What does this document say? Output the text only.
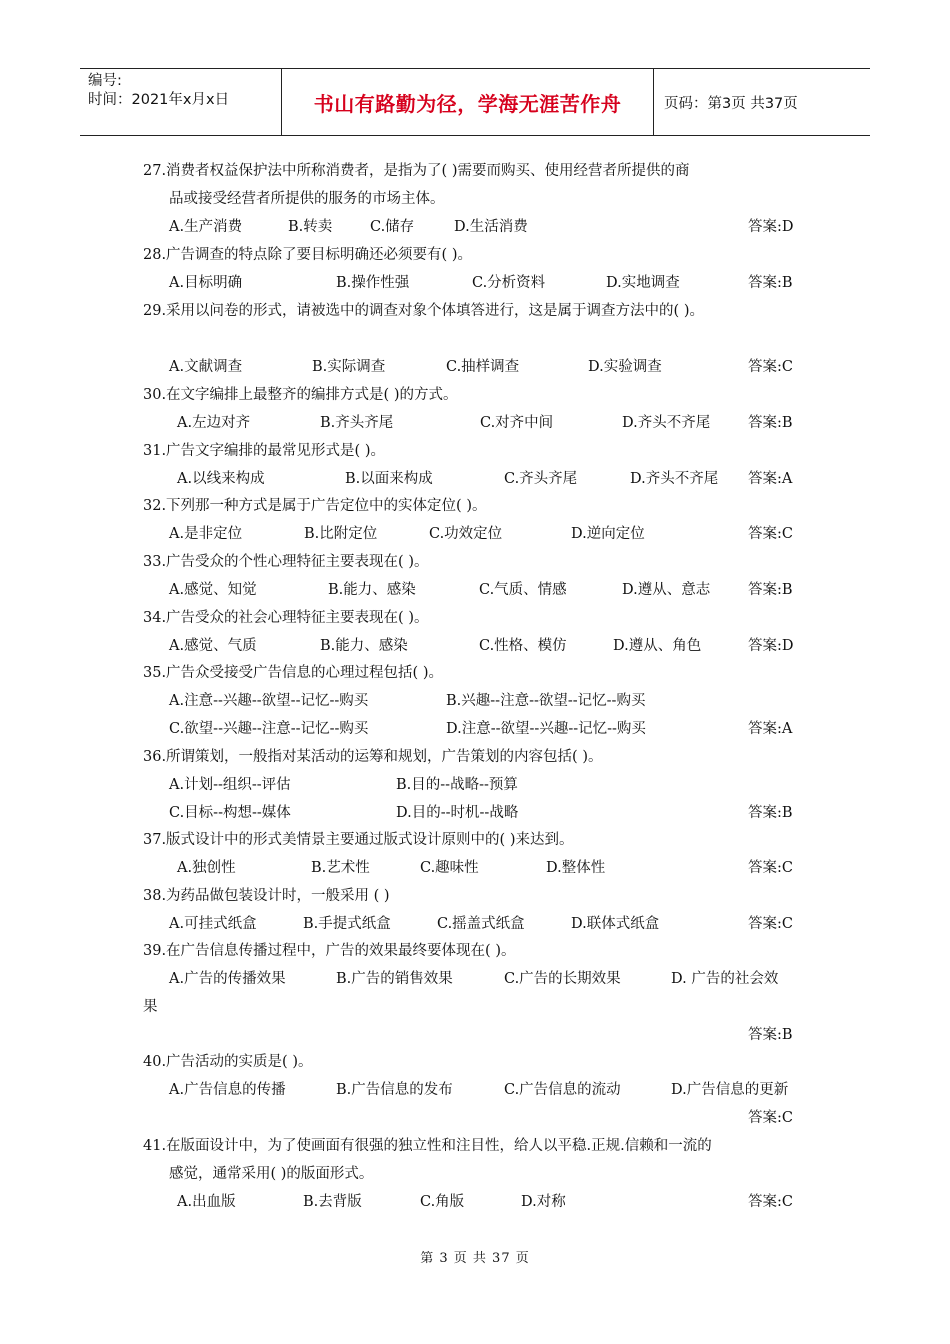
编号:
时间：2021年x月x日	书山有路勤为径，学海无涯苦作舟	页码：第3页 共37页
27.消费者权益保护法中所称消费者，是指为了( )需要而购买、使用经营者所提供的商
品或接受经营者所提供的服务的市场主体。
A.生产消费	B.转卖	C.储存	D.生活消费	答案:D
28.广告调查的特点除了要目标明确还必须要有( )。
A.目标明确	B.操作性强	C.分析资料	D.实地调查	答案:B
29.采用以问卷的形式，请被选中的调查对象个体填答进行，这是属于调查方法中的( )。
A.文献调查	B.实际调查	C.抽样调查	D.实验调查	答案:C
30.在文字编排上最整齐的编排方式是( )的方式。
A.左边对齐	B.齐头齐尾	C.对齐中间	D.齐头不齐尾	答案:B
31.广告文字编排的最常见形式是( )。
A.以线来构成	B.以面来构成	C.齐头齐尾	D.齐头不齐尾 答案:A
32.下列那一种方式是属于广告定位中的实体定位( )。
A.是非定位	B.比附定位	C.功效定位	D.逆向定位	答案:C
33.广告受众的个性心理特征主要表现在( )。
A.感觉、知觉	B.能力、感染	C.气质、情感	D.遵从、意志	答案:B
34.广告受众的社会心理特征主要表现在( )。
A.感觉、气质	B.能力、感染	C.性格、模仿	D.遵从、角色	答案:D
35.广告众受接受广告信息的心理过程包括( )。
A.注意--兴趣--欲望--记忆--购买	B.兴趣--注意--欲望--记忆--购买
C.欲望--兴趣--注意--记忆--购买	D.注意--欲望--兴趣--记忆--购买	答案:A
36.所谓策划，一般指对某活动的运筹和规划，广告策划的内容包括( )。
A.计划--组织--评估	B.目的--战略--预算
C.目标--构想--媒体	D.目的--时机--战略	答案:B
37.版式设计中的形式美情景主要通过版式设计原则中的( )来达到。
A.独创性	B.艺术性	C.趣味性	D.整体性	答案:C
38.为药品做包装设计时，一般采用 ( )
A.可挂式纸盒	B.手提式纸盒	C.摇盖式纸盒	D.联体式纸盒	答案:C
39.在广告信息传播过程中，广告的效果最终要体现在( )。
A.广告的传播效果	B.广告的销售效果	C.广告的长期效果	D. 广告的社会效
果
答案:B
40.广告活动的实质是( )。
A.广告信息的传播	B.广告信息的发布	C.广告信息的流动	D.广告信息的更新
答案:C
41.在版面设计中，为了使画面有很强的独立性和注目性，给人以平稳.正规.信赖和一流的
感觉，通常采用( )的版面形式。
A.出血版	B.去背版	C.角版	D.对称	答案:C
第 3 页 共 37 页
